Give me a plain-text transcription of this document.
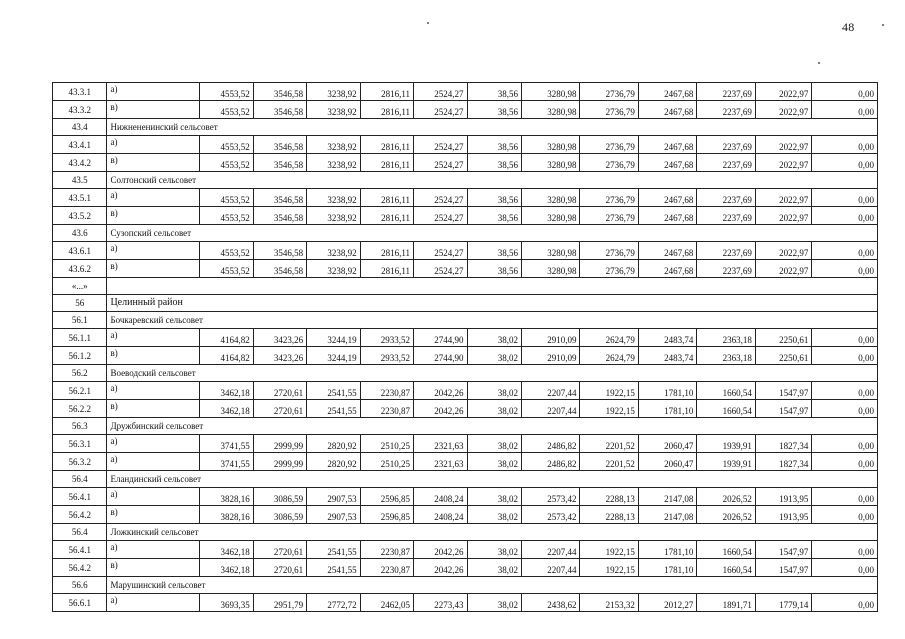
48
43.3.1	а)	4553,52	3546,58	3238,92	2816,11	2524,27	38,56	3280,98	2736,79	2467,68	2237,69	2022,97	0,00
43.3.2	в)	4553,52	3546,58	3238,92	2816,11	2524,27	38,56	3280,98	2736,79	2467,68	2237,69	2022,97	0,00
43.4	Нижнененинский сельсовет												
43.4.1	а)	4553,52	3546,58	3238,92	2816,11	2524,27	38,56	3280,98	2736,79	2467,68	2237,69	2022,97	0,00
43.4.2	в)	4553,52	3546,58	3238,92	2816,11	2524,27	38,56	3280,98	2736,79	2467,68	2237,69	2022,97	0,00
43.5	Солтонский сельсовет												
43.5.1	а)	4553,52	3546,58	3238,92	2816,11	2524,27	38,56	3280,98	2736,79	2467,68	2237,69	2022,97	0,00
43.5.2	в)	4553,52	3546,58	3238,92	2816,11	2524,27	38,56	3280,98	2736,79	2467,68	2237,69	2022,97	0,00
43.6	Сузопский сельсовет												
43.6.1	а)	4553,52	3546,58	3238,92	2816,11	2524,27	38,56	3280,98	2736,79	2467,68	2237,69	2022,97	0,00
43.6.2	в)	4553,52	3546,58	3238,92	2816,11	2524,27	38,56	3280,98	2736,79	2467,68	2237,69	2022,97	0,00
«...»													
56	Целинный район												
56.1	Бочкаревский сельсовет												
56.1.1	а)	4164,82	3423,26	3244,19	2933,52	2744,90	38,02	2910,09	2624,79	2483,74	2363,18	2250,61	0,00
56.1.2	в)	4164,82	3423,26	3244,19	2933,52	2744,90	38,02	2910,09	2624,79	2483,74	2363,18	2250,61	0,00
56.2	Воеводский сельсовет												
56.2.1	а)	3462,18	2720,61	2541,55	2230,87	2042,26	38,02	2207,44	1922,15	1781,10	1660,54	1547,97	0,00
56.2.2	в)	3462,18	2720,61	2541,55	2230,87	2042,26	38,02	2207,44	1922,15	1781,10	1660,54	1547,97	0,00
56.3	Дружбинский сельсовет												
56.3.1	а)	3741,55	2999,99	2820,92	2510,25	2321,63	38,02	2486,82	2201,52	2060,47	1939,91	1827,34	0,00
56.3.2	а)	3741,55	2999,99	2820,92	2510,25	2321,63	38,02	2486,82	2201,52	2060,47	1939,91	1827,34	0,00
56.4	Еландинский сельсовет												
56.4.1	а)	3828,16	3086,59	2907,53	2596,85	2408,24	38,02	2573,42	2288,13	2147,08	2026,52	1913,95	0,00
56.4.2	в)	3828,16	3086,59	2907,53	2596,85	2408,24	38,02	2573,42	2288,13	2147,08	2026,52	1913,95	0,00
56.4	Ложкинский сельсовет												
56.4.1	а)	3462,18	2720,61	2541,55	2230,87	2042,26	38,02	2207,44	1922,15	1781,10	1660,54	1547,97	0,00
56.4.2	в)	3462,18	2720,61	2541,55	2230,87	2042,26	38,02	2207,44	1922,15	1781,10	1660,54	1547,97	0,00
56.6	Марушинский сельсовет												
56.6.1	а)	3693,35	2951,79	2772,72	2462,05	2273,43	38,02	2438,62	2153,32	2012,27	1891,71	1779,14	0,00
